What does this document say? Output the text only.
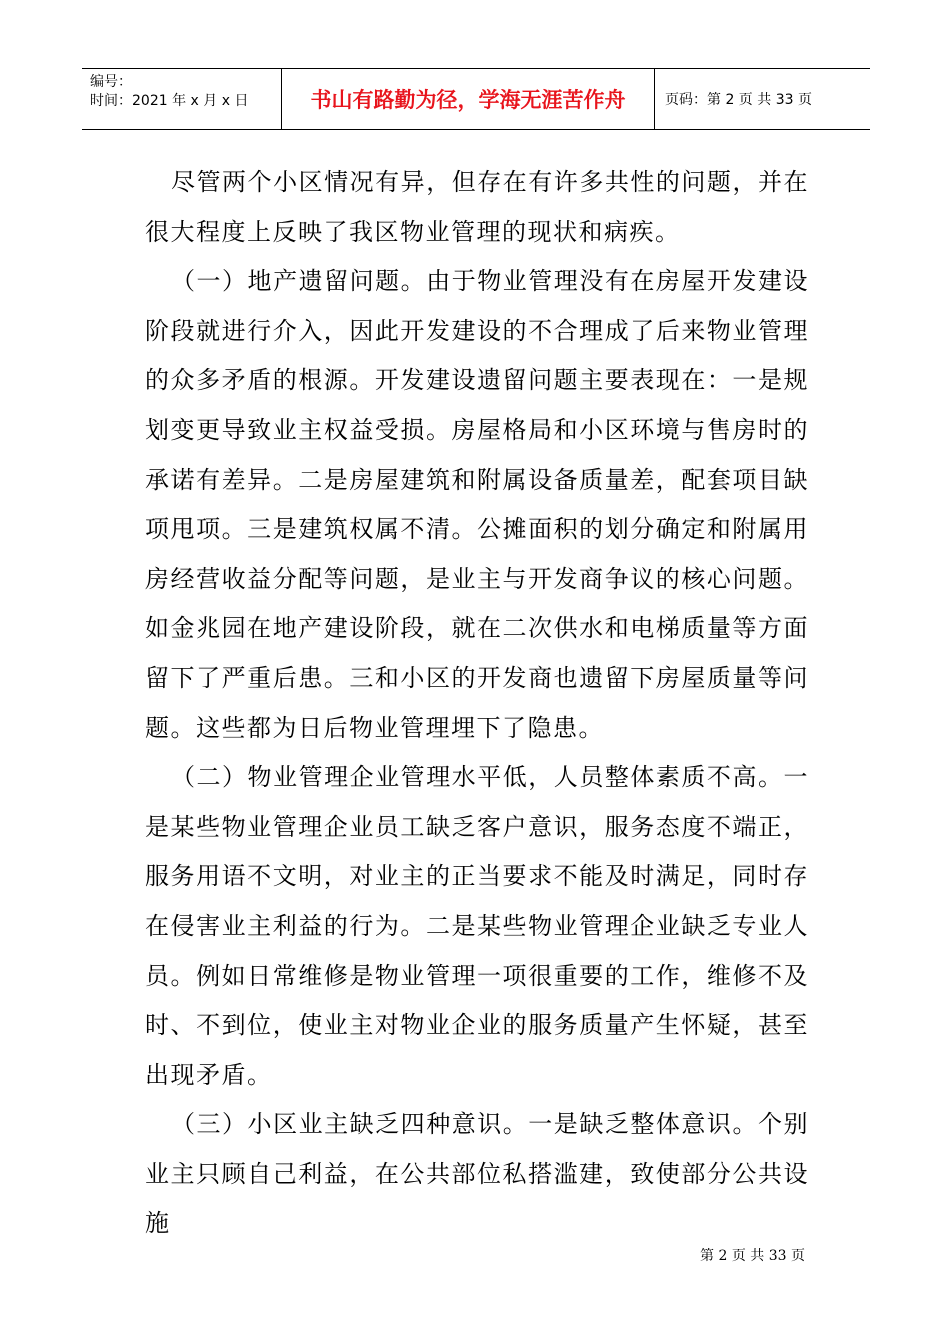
编号：
时间：2021 年 x 月 x 日	书山有路勤为径，学海无涯苦作舟	页码：第 2 页 共 33 页

尽管两个小区情况有异，但存在有许多共性的问题，并在很大程度上反映了我区物业管理的现状和病疾。

（一）地产遗留问题。由于物业管理没有在房屋开发建设阶段就进行介入，因此开发建设的不合理成了后来物业管理的众多矛盾的根源。开发建设遗留问题主要表现在：一是规划变更导致业主权益受损。房屋格局和小区环境与售房时的承诺有差异。二是房屋建筑和附属设备质量差，配套项目缺项甩项。三是建筑权属不清。公摊面积的划分确定和附属用房经营收益分配等问题，是业主与开发商争议的核心问题。如金兆园在地产建设阶段，就在二次供水和电梯质量等方面留下了严重后患。三和小区的开发商也遗留下房屋质量等问题。这些都为日后物业管理埋下了隐患。

（二）物业管理企业管理水平低，人员整体素质不高。一是某些物业管理企业员工缺乏客户意识，服务态度不端正，服务用语不文明，对业主的正当要求不能及时满足，同时存在侵害业主利益的行为。二是某些物业管理企业缺乏专业人员。例如日常维修是物业管理一项很重要的工作，维修不及时、不到位，使业主对物业企业的服务质量产生怀疑，甚至出现矛盾。

（三）小区业主缺乏四种意识。一是缺乏整体意识。个别业主只顾自己利益，在公共部位私搭滥建，致使部分公共设施

第 2 页 共 33 页
